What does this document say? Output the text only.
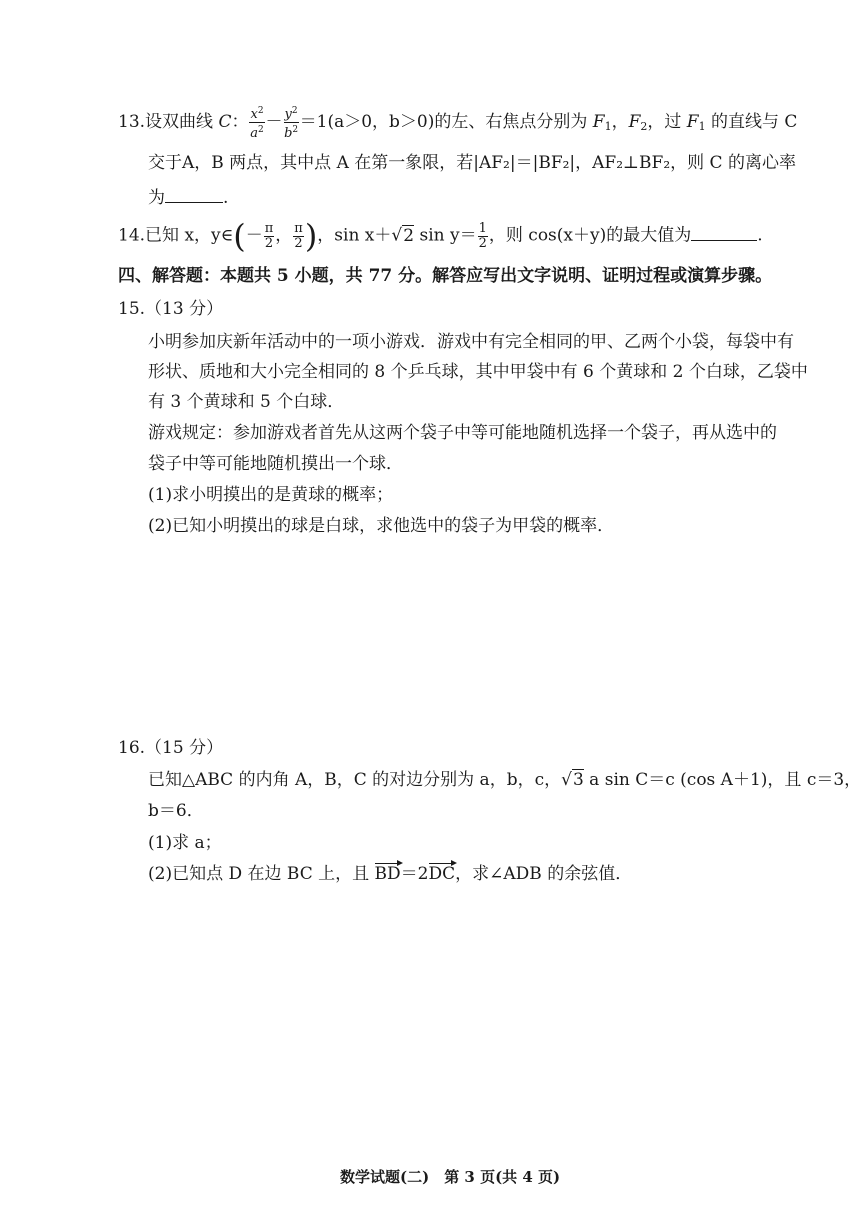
13.设双曲线 C： $\frac{x^2}{a^2} - \frac{y^2}{b^2} =1(a>0$，b＞0)的左、右焦点分别为 $F_1$，$F_2$，过 $F_1$ 的直线与 C
交于A，B 两点，其中点 A 在第一象限，若|AF₂|＝|BF₂|，AF₂⊥BF₂，则 C 的离心率
为	.
14.已知 x，y∈(－ $\frac{\pi}{2}$ ， $\frac{\pi}{2}$ )，sin x＋√2 $\sin y= \frac{1}{2}$ ，则 cos(x＋y)的最大值为	.
四、解答题：本题共 5 小题，共 77 分。解答应写出文字说明、证明过程或演算步骤。
15.（13 分）
小明参加庆新年活动中的一项小游戏．游戏中有完全相同的甲、乙两个小袋，每袋中有
形状、质地和大小完全相同的 8 个乒乓球，其中甲袋中有 6 个黄球和 2 个白球，乙袋中
有 3 个黄球和 5 个白球．
游戏规定：参加游戏者首先从这两个袋子中等可能地随机选择一个袋子，再从选中的
袋子中等可能地随机摸出一个球．
(1)求小明摸出的是黄球的概率；
(2)已知小明摸出的球是白球，求他选中的袋子为甲袋的概率．
16.（15 分）
已知△ABC 的内角 A，B，C 的对边分别为 a，b，c，√3 a sin C＝c (cos A＋1)，且 c＝3，
b＝6．
(1)求 a；
(2)已知点 D 在边 BC 上，且 BD＝2DC，求∠ADB 的余弦值．
数学试题(二)　第 3 页(共 4 页)
